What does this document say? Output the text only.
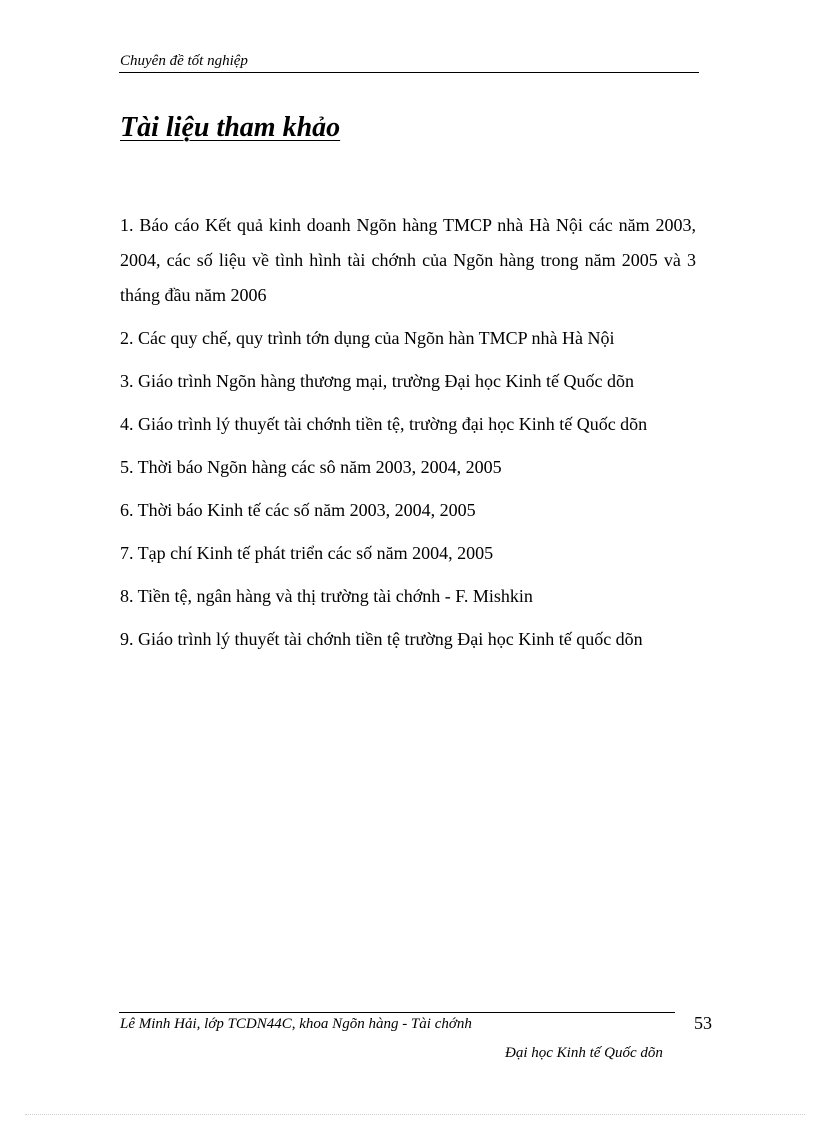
Chuyên đề tốt nghiệp
Tài liệu tham khảo
1. Báo cáo Kết quả kinh doanh Ngõn hàng TMCP nhà Hà Nội các năm 2003, 2004, các số liệu về tình hình tài chớnh của Ngõn hàng trong năm 2005 và 3 tháng đầu năm 2006
2. Các quy chế, quy trình tớn dụng của Ngõn hàn TMCP nhà Hà Nội
3. Giáo trình Ngõn hàng thương mại, trường Đại học Kinh tế Quốc dõn
4. Giáo trình lý thuyết tài chớnh tiền tệ, trường đại học Kinh tế Quốc dõn
5. Thời báo Ngõn hàng các sô năm 2003, 2004, 2005
6. Thời báo Kinh tế các số năm 2003, 2004, 2005
7. Tạp chí Kinh tế phát triển các số năm 2004, 2005
8. Tiền tệ, ngân hàng và thị trường tài chớnh - F. Mishkin
9. Giáo trình lý thuyết tài chớnh tiền tệ trường Đại học Kinh tế quốc dõn
Lê Minh Hải, lớp TCDN44C, khoa Ngõn hàng - Tài chớnh	53
Đại học Kinh tế Quốc dõn
